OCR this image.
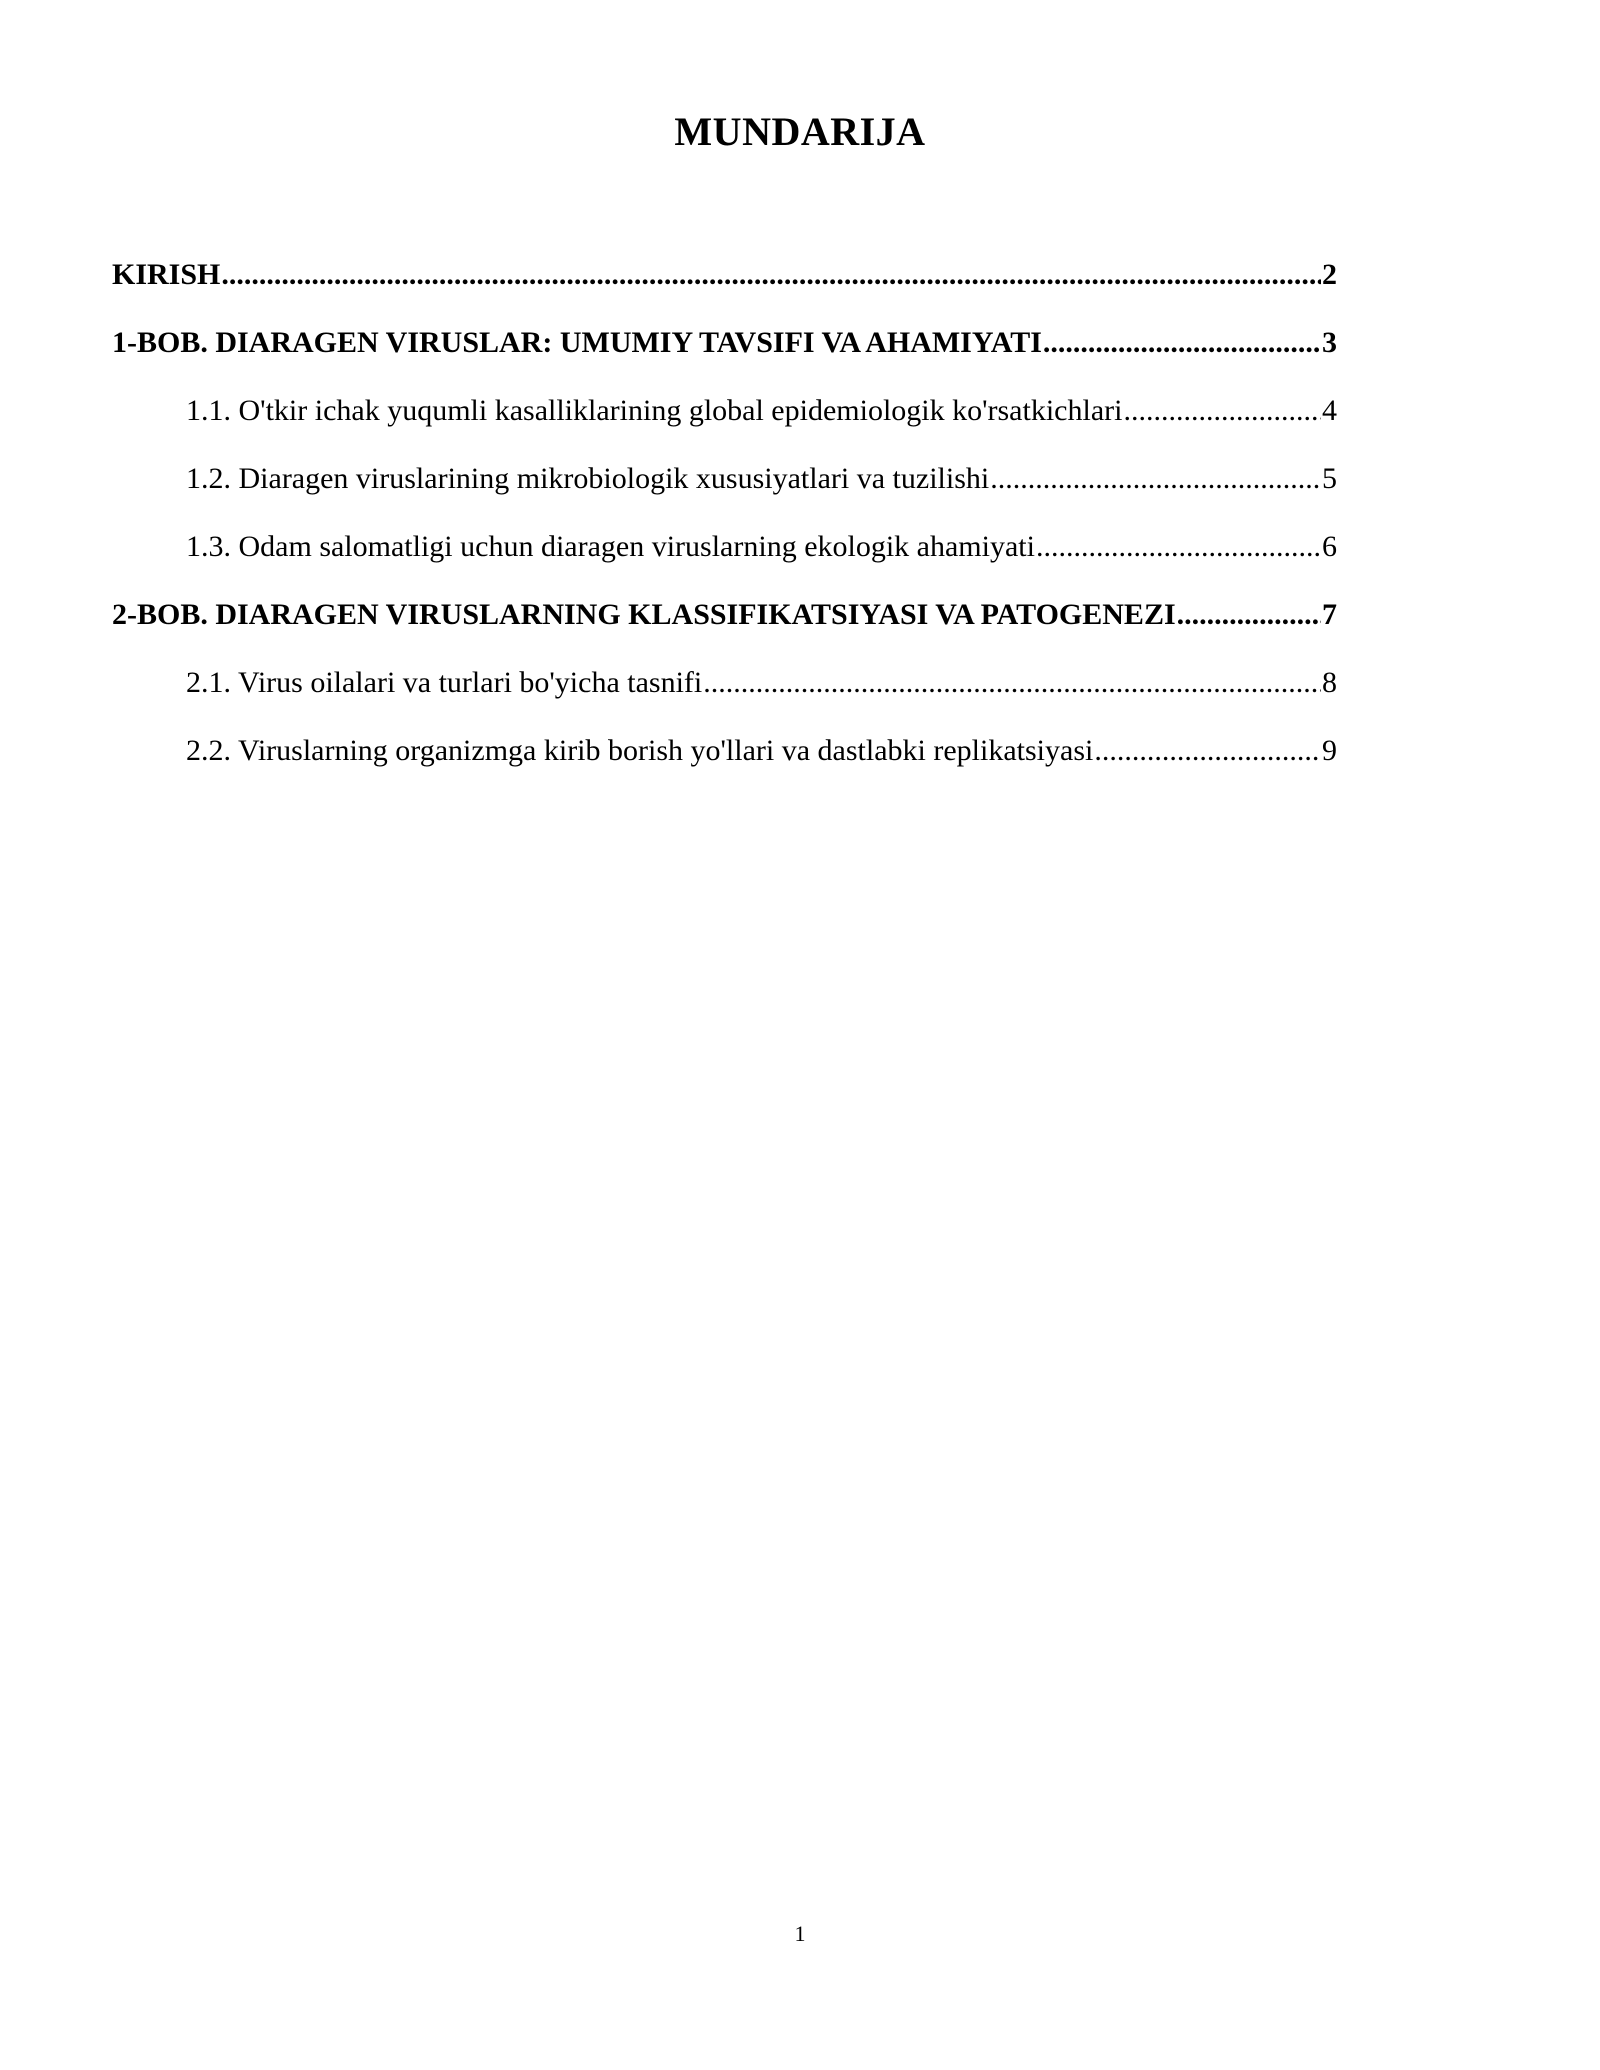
MUNDARIJA
KIRISH .....	2
1-BOB. DIARAGEN VIRUSLAR: UMUMIY TAVSIFI VA AHAMIYATI .....	3
1.1. O'tkir ichak yuqumli kasalliklarining global epidemiologik ko'rsatkichlari .....	4
1.2. Diaragen viruslarining mikrobiologik xususiyatlari va tuzilishi .....	5
1.3. Odam salomatligi uchun diaragen viruslarning ekologik ahamiyati .....	6
2-BOB. DIARAGEN VIRUSLARNING KLASSIFIKATSIYASI VA PATOGENEZI .....	7
2.1. Virus oilalari va turlari bo'yicha tasnifi .....	8
2.2. Viruslarning organizmga kirib borish yo'llari va dastlabki replikatsiyasi .....	9
1
